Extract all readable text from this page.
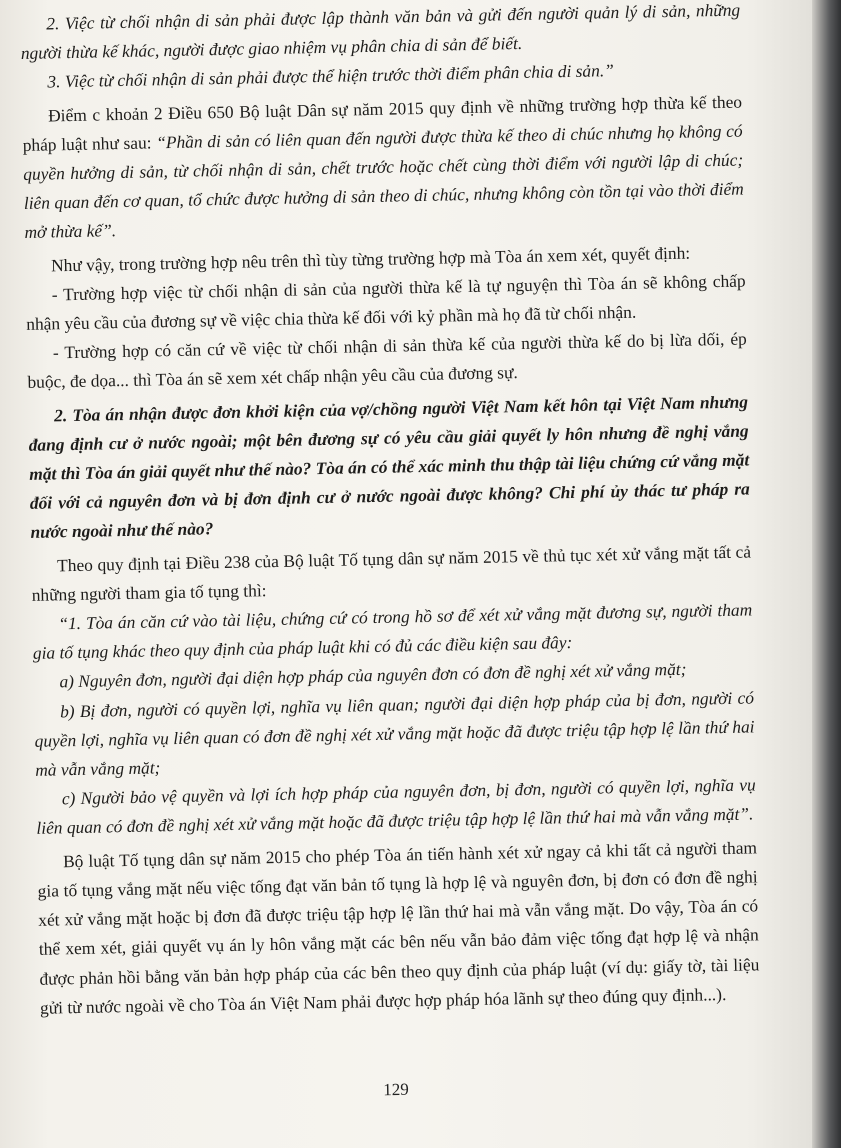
2. Việc từ chối nhận di sản phải được lập thành văn bản và gửi đến người quản lý di sản, những người thừa kế khác, người được giao nhiệm vụ phân chia di sản để biết.

3. Việc từ chối nhận di sản phải được thể hiện trước thời điểm phân chia di sản.”

Điểm c khoản 2 Điều 650 Bộ luật Dân sự năm 2015 quy định về những trường hợp thừa kế theo pháp luật như sau: “Phần di sản có liên quan đến người được thừa kế theo di chúc nhưng họ không có quyền hưởng di sản, từ chối nhận di sản, chết trước hoặc chết cùng thời điểm với người lập di chúc; liên quan đến cơ quan, tổ chức được hưởng di sản theo di chúc, nhưng không còn tồn tại vào thời điểm mở thừa kế”.

Như vậy, trong trường hợp nêu trên thì tùy từng trường hợp mà Tòa án xem xét, quyết định:

- Trường hợp việc từ chối nhận di sản của người thừa kế là tự nguyện thì Tòa án sẽ không chấp nhận yêu cầu của đương sự về việc chia thừa kế đối với kỷ phần mà họ đã từ chối nhận.

- Trường hợp có căn cứ về việc từ chối nhận di sản thừa kế của người thừa kế do bị lừa dối, ép buộc, đe dọa... thì Tòa án sẽ xem xét chấp nhận yêu cầu của đương sự.

2. Tòa án nhận được đơn khởi kiện của vợ/chồng người Việt Nam kết hôn tại Việt Nam nhưng đang định cư ở nước ngoài; một bên đương sự có yêu cầu giải quyết ly hôn nhưng đề nghị vắng mặt thì Tòa án giải quyết như thế nào? Tòa án có thể xác minh thu thập tài liệu chứng cứ vắng mặt đối với cả nguyên đơn và bị đơn định cư ở nước ngoài được không? Chi phí ủy thác tư pháp ra nước ngoài như thế nào?

Theo quy định tại Điều 238 của Bộ luật Tố tụng dân sự năm 2015 về thủ tục xét xử vắng mặt tất cả những người tham gia tố tụng thì:

“1. Tòa án căn cứ vào tài liệu, chứng cứ có trong hồ sơ để xét xử vắng mặt đương sự, người tham gia tố tụng khác theo quy định của pháp luật khi có đủ các điều kiện sau đây:

a) Nguyên đơn, người đại diện hợp pháp của nguyên đơn có đơn đề nghị xét xử vắng mặt;

b) Bị đơn, người có quyền lợi, nghĩa vụ liên quan; người đại diện hợp pháp của bị đơn, người có quyền lợi, nghĩa vụ liên quan có đơn đề nghị xét xử vắng mặt hoặc đã được triệu tập hợp lệ lần thứ hai mà vẫn vắng mặt;

c) Người bảo vệ quyền và lợi ích hợp pháp của nguyên đơn, bị đơn, người có quyền lợi, nghĩa vụ liên quan có đơn đề nghị xét xử vắng mặt hoặc đã được triệu tập hợp lệ lần thứ hai mà vẫn vắng mặt”.

Bộ luật Tố tụng dân sự năm 2015 cho phép Tòa án tiến hành xét xử ngay cả khi tất cả người tham gia tố tụng vắng mặt nếu việc tống đạt văn bản tố tụng là hợp lệ và nguyên đơn, bị đơn có đơn đề nghị xét xử vắng mặt hoặc bị đơn đã được triệu tập hợp lệ lần thứ hai mà vẫn vắng mặt. Do vậy, Tòa án có thể xem xét, giải quyết vụ án ly hôn vắng mặt các bên nếu vẫn bảo đảm việc tống đạt hợp lệ và nhận được phản hồi bằng văn bản hợp pháp của các bên theo quy định của pháp luật (ví dụ: giấy tờ, tài liệu gửi từ nước ngoài về cho Tòa án Việt Nam phải được hợp pháp hóa lãnh sự theo đúng quy định...).

129
